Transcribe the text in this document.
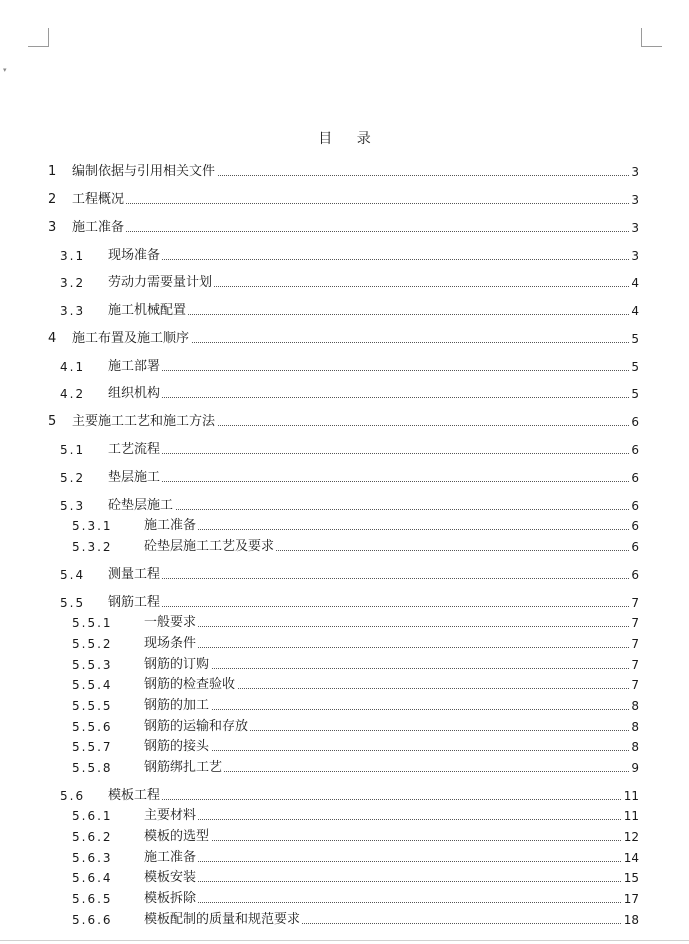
▾
目 录
1 编制依据与引用相关文件	3
2 工程概况	3
3 施工准备	3
3.1 现场准备	3
3.2 劳动力需要量计划	4
3.3 施工机械配置	4
4 施工布置及施工顺序	5
4.1 施工部署	5
4.2 组织机构	5
5 主要施工工艺和施工方法	6
5.1 工艺流程	6
5.2 垫层施工	6
5.3 砼垫层施工	6
5.3.1 施工准备	6
5.3.2 砼垫层施工工艺及要求	6
5.4 测量工程	6
5.5 钢筋工程	7
5.5.1 一般要求	7
5.5.2 现场条件	7
5.5.3 钢筋的订购	7
5.5.4 钢筋的检查验收	7
5.5.5 钢筋的加工	8
5.5.6 钢筋的运输和存放	8
5.5.7 钢筋的接头	8
5.5.8 钢筋绑扎工艺	9
5.6 模板工程	11
5.6.1 主要材料	11
5.6.2 模板的选型	12
5.6.3 施工准备	14
5.6.4 模板安装	15
5.6.5 模板拆除	17
5.6.6 模板配制的质量和规范要求	18
